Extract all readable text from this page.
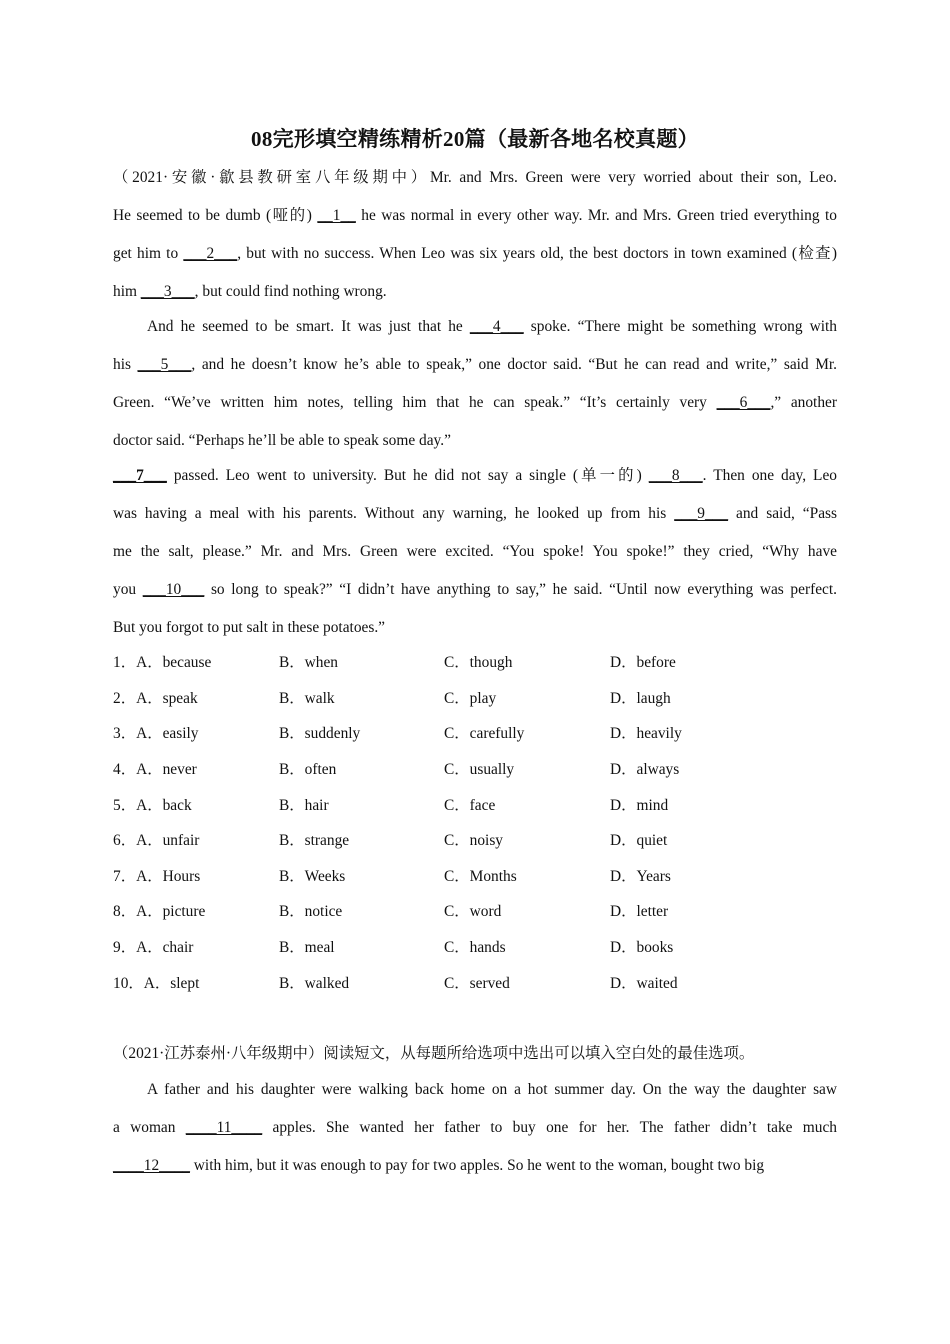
08完形填空精练精析20篇（最新各地名校真题）
（2021·安徽·歙县教研室八年级期中）Mr. and Mrs. Green were very worried about their son, Leo.
He seemed to be dumb (哑的) __1__ he was normal in every other way. Mr. and Mrs. Green tried everything to
get him to ___2___, but with no success. When Leo was six years old, the best doctors in town examined (检查)
him ___3___, but could find nothing wrong.
And he seemed to be smart. It was just that he ___4___ spoke. “There might be something wrong with
his ___5___, and he doesn’t know he’s able to speak,” one doctor said. “But he can read and write,” said Mr.
Green. “We’ve written him notes, telling him that he can speak.” “It’s certainly very ___6___,” another
doctor said. “Perhaps he’ll be able to speak some day.”
___7___ passed. Leo went to university. But he did not say a single (单一的) ___8___. Then one day, Leo
was having a meal with his parents. Without any warning, he looked up from his ___9___ and said, “Pass
me the salt, please.” Mr. and Mrs. Green were excited. “You spoke! You spoke!” they cried, “Why have
you ___10___ so long to speak?” “I didn’t have anything to say,” he said. “Until now everything was perfect.
But you forgot to put salt in these potatoes.”
1．A．because	B．when	C．though	D．before
2．A．speak	B．walk	C．play	D．laugh
3．A．easily	B．suddenly	C．carefully	D．heavily
4．A．never	B．often	C．usually	D．always
5．A．back	B．hair	C．face	D．mind
6．A．unfair	B．strange	C．noisy	D．quiet
7．A．Hours	B．Weeks	C．Months	D．Years
8．A．picture	B．notice	C．word	D．letter
9．A．chair	B．meal	C．hands	D．books
10．A．slept	B．walked	C．served	D．waited
（2021·江苏泰州·八年级期中）阅读短文，从每题所给选项中选出可以填入空白处的最佳选项。
A father and his daughter were walking back home on a hot summer day. On the way the daughter saw
a woman ____11____ apples. She wanted her father to buy one for her. The father didn’t take much
____12____ with him, but it was enough to pay for two apples. So he went to the woman, bought two big
